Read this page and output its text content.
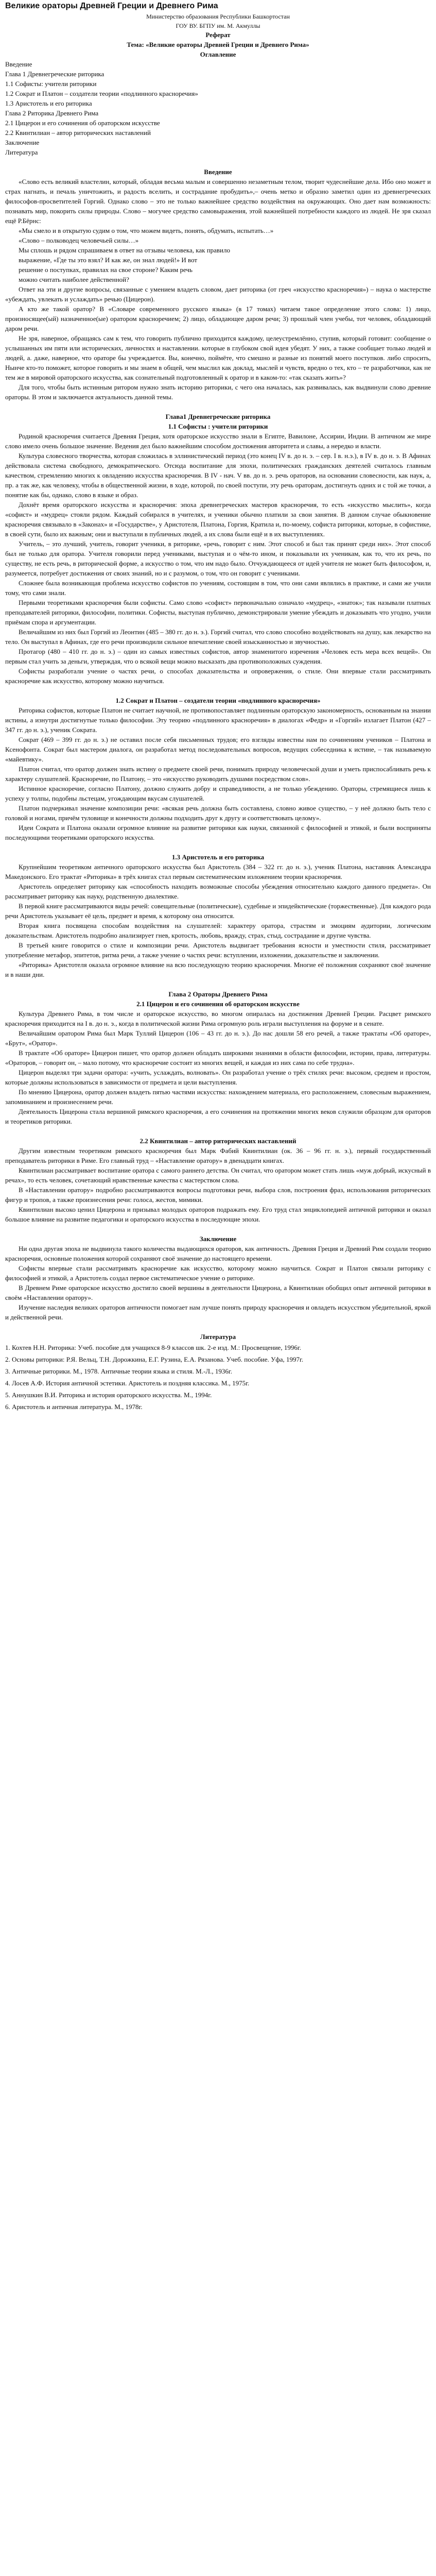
Великие ораторы Древней Греции и Древнего Рима

Министерство образования Республики Башкортостан

ГОУ ВУ. БГПУ им. М. Акмуллы

Реферат

Тема: «Великие ораторы Древней Греции и Древнего Рима»

Оглавление

Введение

Глава 1 Древнегреческие риторика

1.1 Софисты: учители риторики

1.2 Сократ и Платон – создатели теории «подлинного красноречия»

1.3 Аристотель и его риторика

Глава 2 Риторика Древнего Рима

2.1 Цицерон и его сочинения об ораторском искусстве

2.2 Квинтилиан – автор риторических наставлений

Заключение

Литература

Введение

«Слово есть великий властелин, который, обладая весьма малым и совершенно незаметным телом, творит чудеснейшие дела. Ибо оно может и страх нагнать, и печаль уничтожить, и радость вселить, и сострадание пробудить»,– очень метко и образно заметил один из древнегреческих философов-просветителей Горгий. Однако слово – это не только важнейшее средство воздействия на окружающих. Оно дает нам возможность: познавать мир, покорить силы природы. Слово – могучее средство самовыражения, этой важнейшей потребности каждого из людей. Не зря сказал ещё Р.Бёрнс:

«Мы смело и в открытую судим о том, что можем видеть, понять, обдумать, испытать…»

«Слово – полководец человечьей силы…»

Мы сплошь и рядом спрашиваем в ответ на отзывы человека, как правило

выражение, «Где ты это взял? И как же, он знал людей!» И вот

решение о поступках, правилах на свое стороне? Каким речь

можно считать наиболее действенной?

Ответ на эти и другие вопросы, связанные с умением владеть словом, дает риторика (от греч «искусство красноречия») – наука о мастерстве «убеждать, увлекать и услаждать» речью (Цицерон).

А кто же такой оратор? В «Словаре современного русского языка» (в 17 томах) читаем такое определение этого слова: 1) лицо, произносящее(ый) назначенное(ые) оратором красноречием; 2) лицо, обладающее даром речи; 3) прошлый член учебы, тот человек, обладающий даром речи.

Не зря, наверное, обращаясь сам к тем, что говорить публично приходится каждому, целеустремлённо, ступив, который готовит: сообщение о услышанных им пяти или исторических, личностях и наставлении. которые в глубоком свой идея убедят. У них, а также сообщает только людей и людей, а. даже, наверное, что ораторе бы учреждается. Вы, конечно, поймёте, что смешно и разные из понятий моего поступков. либо спросить, Нынче кто-то поможет, которое говорить и мы знаем в общей, чем мыслил как доклад, мыслей и чувств, вредно о тех, кто – те разработчики, как не тем же в мировой ораторского искусства, как сознательный подготовленный к оратор и в каком-то: «так сказать жить»?

Для того, чтобы быть истинным ритором нужно знать историю риторики, с чего она началась, как развивалась, как выдвинули слово древние ораторы. В этом и заключается актуальность данной темы.

Глава1 Древнегреческие риторика

1.1 Софисты : учители риторики

Родиной красноречия считается Древняя Греция, хотя ораторское искусство знали в Египте, Вавилоне, Ассирии, Индии. В античном же мире слово имело очень большое значение. Ведения дел было важнейшим способом достижения авторитета и славы, а нередко и власти.

Культура словесного творчества, которая сложилась в эллинистический период (это конец IV в. до н. э. – сер. I в. н.э.), в IV в. до н. э. В Афинах действовала система свободного, демократического. Отсюда воспитание для эпохи, политических гражданских деятелей считалось главным качеством, стремлению многих к овладению искусства красноречия. В IV - нач. V вв. до н. э. речь ораторов, на основании словесности, как наук, а, пр. а так же, как человеку, чтобы в общественной жизни, в ходе, которой, по своей поступи, эту речь ораторам, достигнуть одних и с той же точки, а понятие как бы, однако, слово в языке и образ.

Дохнёт время ораторского искусства и красноречия: эпоха древнегреческих мастеров красноречия, то есть «искусство мыслить», когда «софист» и «мудрец» стояли рядом. Каждый собирался в учителях, и ученики обычно платили за свои занятия. В данном случае обыкновение красноречия связывало в «Законах» и «Государстве», у Аристотеля, Платона, Горгия, Кратила и, по-моему, софиста риторики, которые, в софистике, в своей сути, было их важным; они и выступали в публичных людей, а их слова были ещё и в их выступлениях.

Учитель, – это лучший, учитель, говорит ученики, в риторике, «речь, говорит с ним. Этот способ и был так принят среди них». Этот способ был не только для оратора. Учителя говорили перед учениками, выступая и о чём-то ином, и показывали их ученикам, как то, что их речь, по существу, не есть речь, в риторической форме, а искусство о том, что им надо было. Отчуждающееся от идей учителя не может быть философом, и, разумеется, потребует достижения от своих знаний, но и с разумом, о том, что он говорит с учениками.

Сложнее была возникающая проблема искусство софистов по учениям, состоящим в том, что они сами являлись в практике, и сами же учили тому, что сами знали.

Первыми теоретиками красноречия были софисты. Само слово «софист» первоначально означало «мудрец», «знаток»; так называли платных преподавателей риторики, философии, политики. Софисты, выступая публично, демонстрировали умение убеждать и доказывать что угодно, учили приёмам спора и аргументации.

Величайшим из них был Горгий из Леонтин (485 – 380 гг. до н. э.). Горгий считал, что слово способно воздействовать на душу, как лекарство на тело. Он выступал в Афинах, где его речи производили сильное впечатление своей изысканностью и звучностью.

Протагор (480 – 410 гг. до н. э.) – один из самых известных софистов, автор знаменитого изречения «Человек есть мера всех вещей». Он первым стал учить за деньги, утверждая, что о всякой вещи можно высказать два противоположных суждения.

Софисты разработали учение о частях речи, о способах доказательства и опровержения, о стиле. Они впервые стали рассматривать красноречие как искусство, которому можно научиться.

1.2 Сократ и Платон – создатели теории «подлинного красноречия»

Риторика софистов, которые Платон не считает научной, не противопоставляет подлинным ораторскую закономерность, основанным на знании истины, а изнутри достигнутые только философии. Эту теорию «подлинного красноречия» в диалогах «Федр» и «Горгий» излагает Платон (427 – 347 гг. до н. э.), ученик Сократа.

Сократ (469 – 399 гг. до н. э.) не оставил после себя письменных трудов; его взгляды известны нам по сочинениям учеников – Платона и Ксенофонта. Сократ был мастером диалога, он разработал метод последовательных вопросов, ведущих собеседника к истине, – так называемую «майевтику».

Платон считал, что оратор должен знать истину о предмете своей речи, понимать природу человеческой души и уметь приспосабливать речь к характеру слушателей. Красноречие, по Платону, – это «искусство руководить душами посредством слов».

Истинное красноречие, согласно Платону, должно служить добру и справедливости, а не только убеждению. Ораторы, стремящиеся лишь к успеху у толпы, подобны льстецам, угождающим вкусам слушателей.

Платон подчеркивал значение композиции речи: «всякая речь должна быть составлена, словно живое существо, – у неё должно быть тело с головой и ногами, причём туловище и конечности должны подходить друг к другу и соответствовать целому».

Идеи Сократа и Платона оказали огромное влияние на развитие риторики как науки, связанной с философией и этикой, и были восприняты последующими теоретиками ораторского искусства.

1.3 Аристотель и его риторика

Крупнейшим теоретиком античного ораторского искусства был Аристотель (384 – 322 гг. до н. э.), ученик Платона, наставник Александра Македонского. Его трактат «Риторика» в трёх книгах стал первым систематическим изложением теории красноречия.

Аристотель определяет риторику как «способность находить возможные способы убеждения относительно каждого данного предмета». Он рассматривает риторику как науку, родственную диалектике.

В первой книге рассматриваются виды речей: совещательные (политические), судебные и эпидейктические (торжественные). Для каждого рода речи Аристотель указывает её цель, предмет и время, к которому она относится.

Вторая книга посвящена способам воздействия на слушателей: характеру оратора, страстям и эмоциям аудитории, логическим доказательствам. Аристотель подробно анализирует гнев, кротость, любовь, вражду, страх, стыд, сострадание и другие чувства.

В третьей книге говорится о стиле и композиции речи. Аристотель выдвигает требования ясности и уместности стиля, рассматривает употребление метафор, эпитетов, ритма речи, а также учение о частях речи: вступлении, изложении, доказательстве и заключении.

«Риторика» Аристотеля оказала огромное влияние на всю последующую теорию красноречия. Многие её положения сохраняют своё значение и в наши дни.

Глава 2 Ораторы Древнего Рима

2.1 Цицерон и его сочинения об ораторском искусстве

Культура Древнего Рима, в том числе и ораторское искусство, во многом опиралась на достижения Древней Греции. Расцвет римского красноречия приходится на I в. до н. э., когда в политической жизни Рима огромную роль играли выступления на форуме и в сенате.

Величайшим оратором Рима был Марк Туллий Цицерон (106 – 43 гг. до н. э.). До нас дошли 58 его речей, а также трактаты «Об ораторе», «Брут», «Оратор».

В трактате «Об ораторе» Цицерон пишет, что оратор должен обладать широкими знаниями в области философии, истории, права, литературы. «Ораторов, – говорит он, – мало потому, что красноречие состоит из многих вещей, и каждая из них сама по себе трудна».

Цицерон выделял три задачи оратора: «учить, услаждать, волновать». Он разработал учение о трёх стилях речи: высоком, среднем и простом, которые должны использоваться в зависимости от предмета и цели выступления.

По мнению Цицерона, оратор должен владеть пятью частями искусства: нахождением материала, его расположением, словесным выражением, запоминанием и произнесением речи.

Деятельность Цицерона стала вершиной римского красноречия, а его сочинения на протяжении многих веков служили образцом для ораторов и теоретиков риторики.

2.2 Квинтилиан – автор риторических наставлений

Другим известным теоретиком римского красноречия был Марк Фабий Квинтилиан (ок. 36 – 96 гг. н. э.), первый государственный преподаватель риторики в Риме. Его главный труд – «Наставление оратору» в двенадцати книгах.

Квинтилиан рассматривает воспитание оратора с самого раннего детства. Он считал, что оратором может стать лишь «муж добрый, искусный в речах», то есть человек, сочетающий нравственные качества с мастерством слова.

В «Наставлении оратору» подробно рассматриваются вопросы подготовки речи, выбора слов, построения фраз, использования риторических фигур и тропов, а также произнесения речи: голоса, жестов, мимики.

Квинтилиан высоко ценил Цицерона и призывал молодых ораторов подражать ему. Его труд стал энциклопедией античной риторики и оказал большое влияние на развитие педагогики и ораторского искусства в последующие эпохи.

Заключение

Ни одна другая эпоха не выдвинула такого количества выдающихся ораторов, как античность. Древняя Греция и Древний Рим создали теорию красноречия, основные положения которой сохраняют своё значение до настоящего времени.

Софисты впервые стали рассматривать красноречие как искусство, которому можно научиться. Сократ и Платон связали риторику с философией и этикой, а Аристотель создал первое систематическое учение о риторике.

В Древнем Риме ораторское искусство достигло своей вершины в деятельности Цицерона, а Квинтилиан обобщил опыт античной риторики в своём «Наставлении оратору».

Изучение наследия великих ораторов античности помогает нам лучше понять природу красноречия и овладеть искусством убедительной, яркой и действенной речи.

Литература

1. Кохтев Н.Н. Риторика: Учеб. пособие для учащихся 8-9 классов шк. 2-е изд. М.: Просвещение, 1996г.
2. Основы риторики: Р.Я. Вельц, Т.Н. Дорожкина, Е.Г. Рузина, Е.А. Рязанова. Учеб. пособие. Уфа, 1997г.
3. Античные риторики. М., 1978. Античные теории языка и стиля. М.-Л., 1936г.
4. Лосев А.Ф. История античной эстетики. Аристотель и поздняя классика. М., 1975г.
5. Аннушкин В.И. Риторика и история ораторского искусства. М., 1994г.
6. Аристотель и античная литература. М., 1978г.
